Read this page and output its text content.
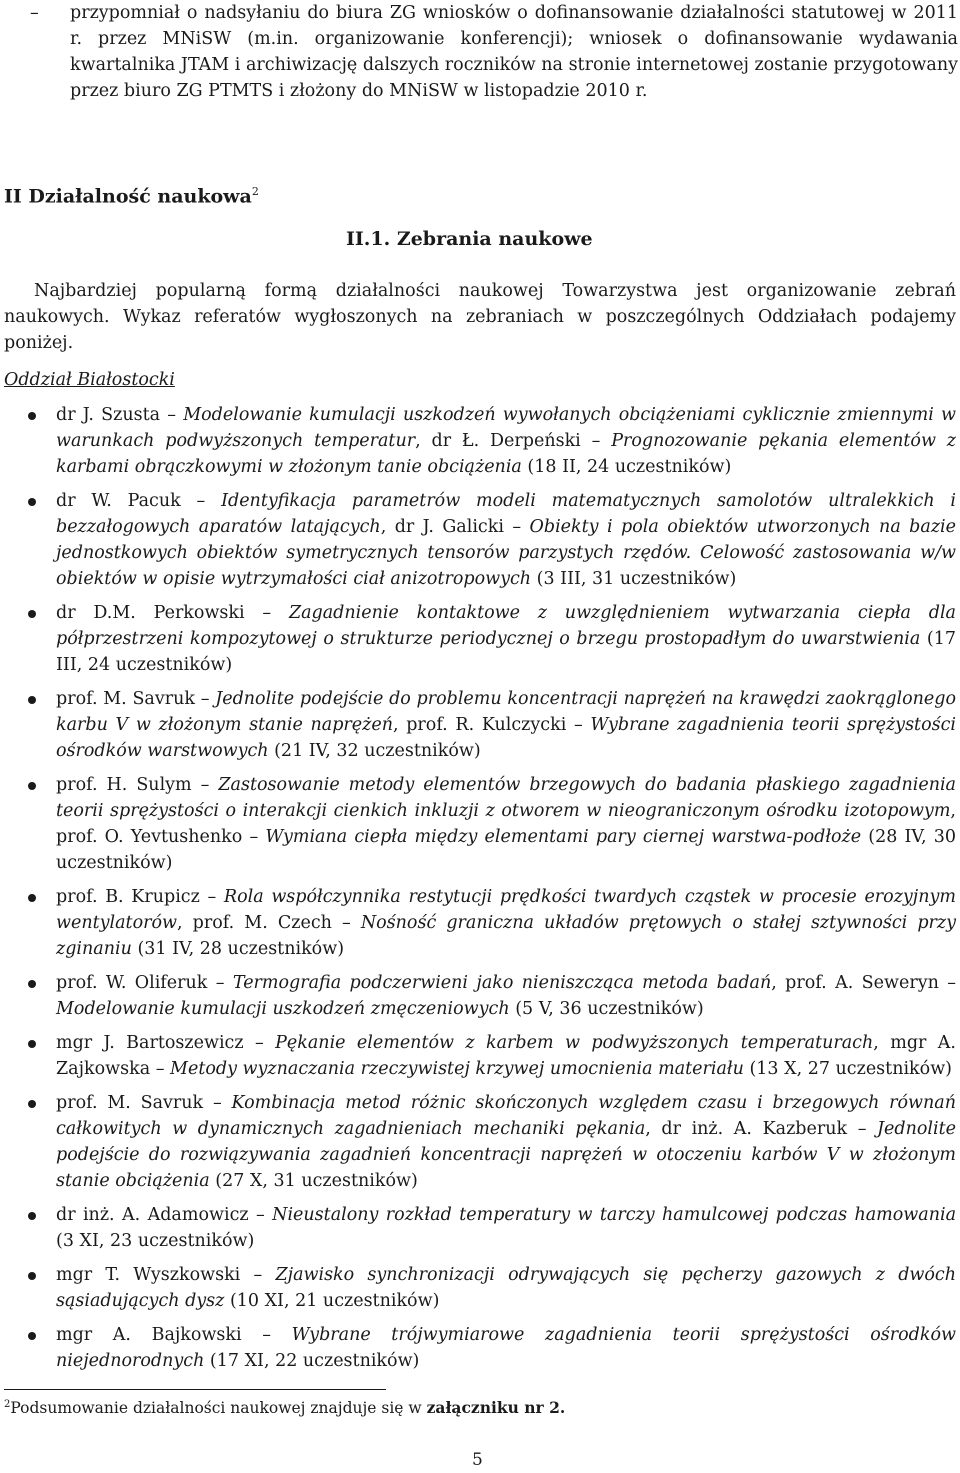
– przypomniał o nadsyłaniu do biura ZG wniosków o dofinansowanie działalności statutowej w 2011 r. przez MNiSW (m.in. organizowanie konferencji); wniosek o dofinansowanie wydawania kwartalnika JTAM i archiwizację dalszych roczników na stronie internetowej zostanie przygotowany przez biuro ZG PTMTS i złożony do MNiSW w listopadzie 2010 r.
II Działalność naukowa$^2$
II.1. Zebrania naukowe
Najbardziej popularną formą działalności naukowej Towarzystwa jest organizowanie zebrań naukowych. Wykaz referatów wygłoszonych na zebraniach w poszczególnych Oddziałach podajemy poniżej.
Oddział Białostocki
dr J. Szusta – Modelowanie kumulacji uszkodzeń wywołanych obciążeniami cyklicznie zmiennymi w warunkach podwyższonych temperatur, dr Ł. Derpeński – Prognozowanie pękania elementów z karbami obrączkowymi w złożonym tanie obciążenia (18 II, 24 uczestników)
dr W. Pacuk – Identyfikacja parametrów modeli matematycznych samolotów ultralekkich i bezzałogowych aparatów latających, dr J. Galicki – Obiekty i pola obiektów utworzonych na bazie jednostkowych obiektów symetrycznych tensorów parzystych rzędów. Celowość zastosowania w/w obiektów w opisie wytrzymałości ciał anizotropowych (3 III, 31 uczestników)
dr D.M. Perkowski – Zagadnienie kontaktowe z uwzględnieniem wytwarzania ciepła dla półprzestrzeni kompozytowej o strukturze periodycznej o brzegu prostopadłym do uwarstwienia (17 III, 24 uczestników)
prof. M. Savruk – Jednolite podejście do problemu koncentracji naprężeń na krawędzi zaokrąglonego karbu V w złożonym stanie naprężeń, prof. R. Kulczycki – Wybrane zagadnienia teorii sprężystości ośrodków warstwowych (21 IV, 32 uczestników)
prof. H. Sulym – Zastosowanie metody elementów brzegowych do badania płaskiego zagadnienia teorii sprężystości o interakcji cienkich inkluzji z otworem w nieograniczonym ośrodku izotopowym, prof. O. Yevtushenko – Wymiana ciepła między elementami pary ciernej warstwa-podłoże (28 IV, 30 uczestników)
prof. B. Krupicz – Rola współczynnika restytucji prędkości twardych cząstek w procesie erozyjnym wentylatorów, prof. M. Czech – Nośność graniczna układów prętowych o stałej sztywności przy zginaniu (31 IV, 28 uczestników)
prof. W. Oliferuk – Termografia podczerwieni jako nieniszcząca metoda badań, prof. A. Seweryn – Modelowanie kumulacji uszkodzeń zmęczeniowych (5 V, 36 uczestników)
mgr J. Bartoszewicz – Pękanie elementów z karbem w podwyższonych temperaturach, mgr A. Zajkowska – Metody wyznaczania rzeczywistej krzywej umocnienia materiału (13 X, 27 uczestników)
prof. M. Savruk – Kombinacja metod różnic skończonych względem czasu i brzegowych równań całkowitych w dynamicznych zagadnieniach mechaniki pękania, dr inż. A. Kazberuk – Jednolite podejście do rozwiązywania zagadnień koncentracji naprężeń w otoczeniu karbów V w złożonym stanie obciążenia (27 X, 31 uczestników)
dr inż. A. Adamowicz – Nieustalony rozkład temperatury w tarczy hamulcowej podczas hamowania (3 XI, 23 uczestników)
mgr T. Wyszkowski – Zjawisko synchronizacji odrywających się pęcherzy gazowych z dwóch sąsiadujących dysz (10 XI, 21 uczestników)
mgr A. Bajkowski – Wybrane trójwymiarowe zagadnienia teorii sprężystości ośrodków niejednorodnych (17 XI, 22 uczestników)
$^2$Podsumowanie działalności naukowej znajduje się w załączniku nr 2.
5
